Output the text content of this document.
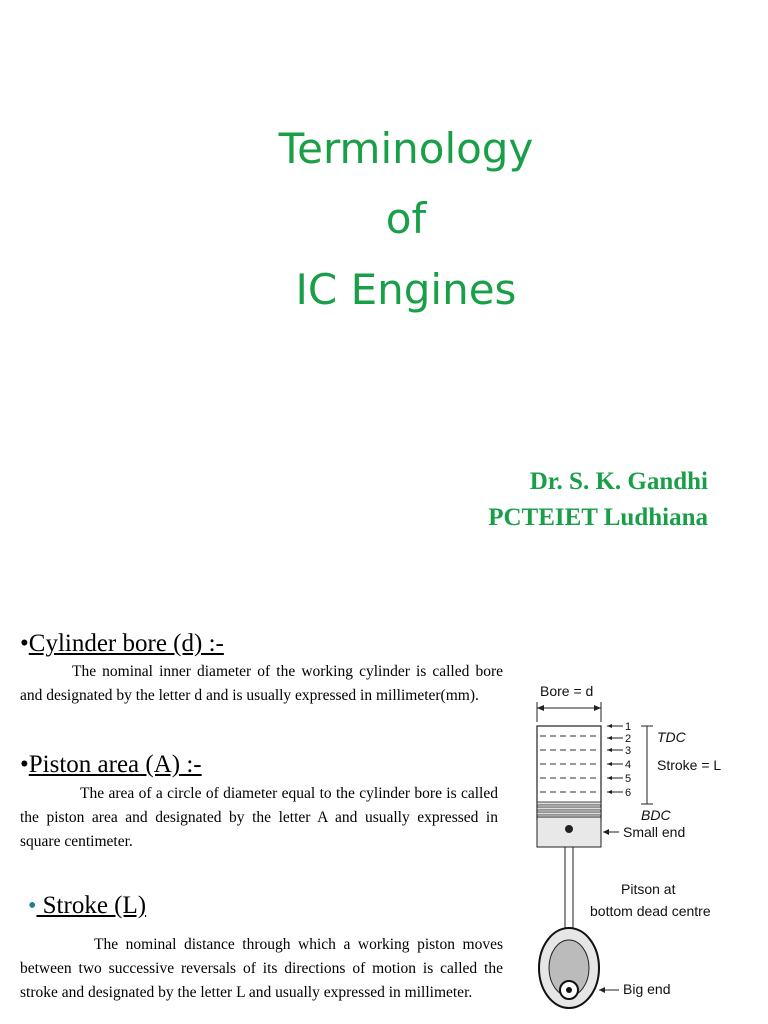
Terminology
of
IC Engines
Dr. S. K. Gandhi
PCTEIET Ludhiana
•Cylinder bore (d) :-

The nominal inner diameter of the working cylinder is called bore and designated by the letter d and is usually expressed in millimeter(mm).

•Piston area (A) :-

The area of a circle of diameter equal to the cylinder bore is called the piston area and designated by the letter A and usually expressed in square centimeter.

• Stroke (L)

The nominal distance through which a working piston moves between two successive reversals of its directions of motion is called the stroke and designated by the letter L and usually expressed in millimeter.

Bore = d
1
2
3
4
5
6
TDC
Stroke = L
BDC
Small end
Pitson at
bottom dead centre
Big end
